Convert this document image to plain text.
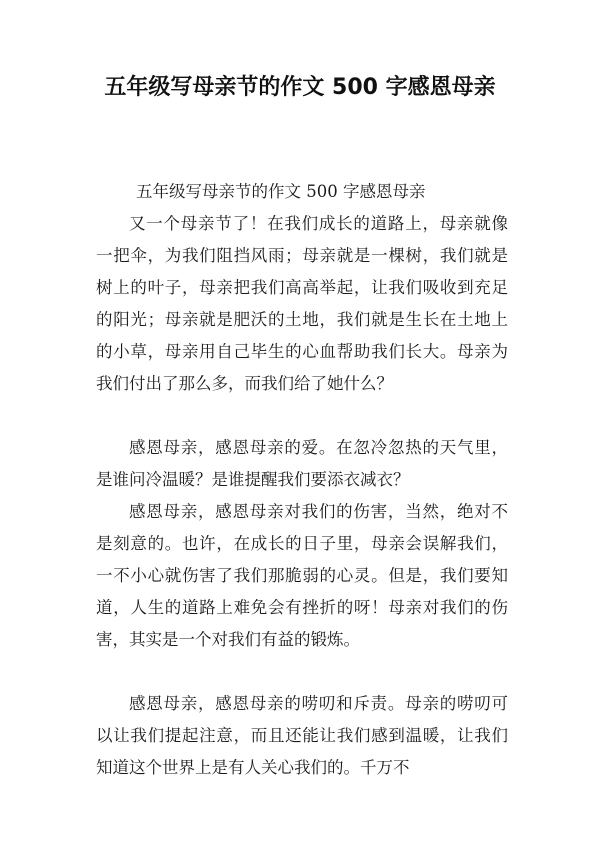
五年级写母亲节的作文 500 字感恩母亲
五年级写母亲节的作文 500 字感恩母亲

又一个母亲节了！在我们成长的道路上，母亲就像一把伞，为我们阻挡风雨；母亲就是一棵树，我们就是树上的叶子，母亲把我们高高举起，让我们吸收到充足的阳光；母亲就是肥沃的土地，我们就是生长在土地上的小草，母亲用自己毕生的心血帮助我们长大。母亲为我们付出了那么多，而我们给了她什么？

感恩母亲，感恩母亲的爱。在忽冷忽热的天气里，是谁问冷温暖？是谁提醒我们要添衣减衣？

感恩母亲，感恩母亲对我们的伤害，当然，绝对不是刻意的。也许，在成长的日子里，母亲会误解我们，一不小心就伤害了我们那脆弱的心灵。但是，我们要知道，人生的道路上难免会有挫折的呀！母亲对我们的伤害，其实是一个对我们有益的锻炼。

感恩母亲，感恩母亲的唠叨和斥责。母亲的唠叨可以让我们提起注意，而且还能让我们感到温暖，让我们知道这个世界上是有人关心我们的。千万不
